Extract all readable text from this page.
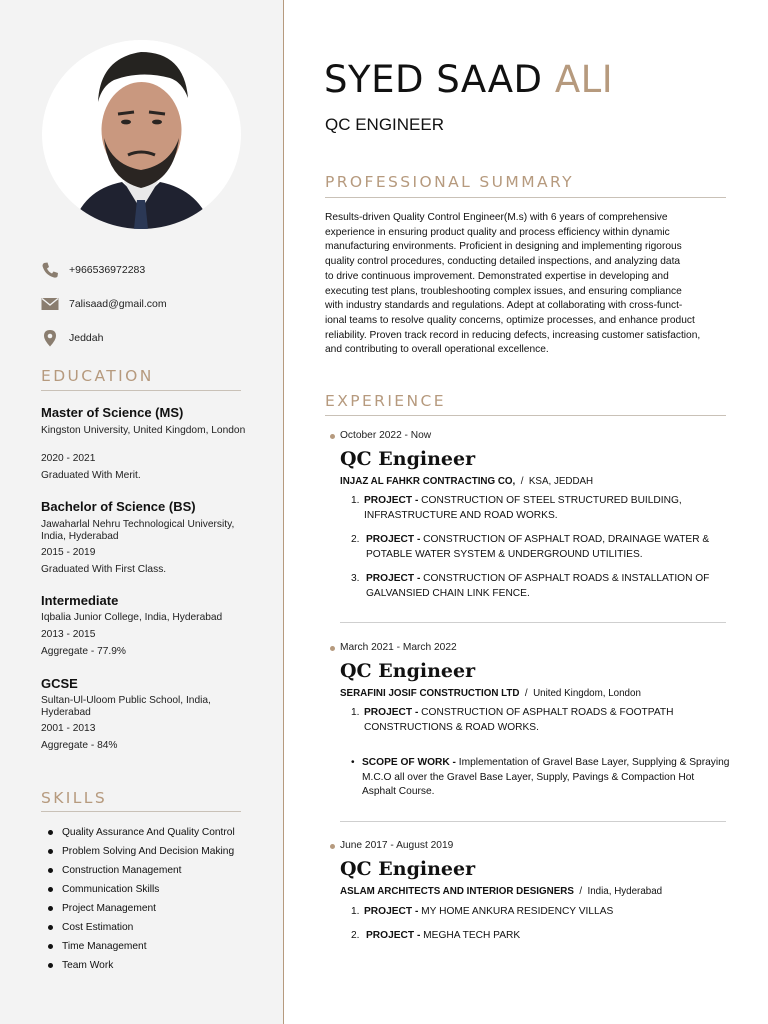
+966536972283
7alisaad@gmail.com
Jeddah
EDUCATION
Master of Science (MS)
Kingston University, United Kingdom, London
2020 - 2021
Graduated With Merit.
Bachelor of Science (BS)
Jawaharlal Nehru Technological University, India, Hyderabad
2015 - 2019
Graduated With First Class.
Intermediate
Iqbalia Junior College, India, Hyderabad
2013 - 2015
Aggregate - 77.9%
GCSE
Sultan-Ul-Uloom Public School, India, Hyderabad
2001 - 2013
Aggregate - 84%
SKILLS
Quality Assurance And Quality Control
Problem Solving And Decision Making
Construction Management
Communication Skills
Project Management
Cost Estimation
Time Management
Team Work
SYED SAAD ALI
QC ENGINEER
PROFESSIONAL SUMMARY
Results-driven Quality Control Engineer(M.s) with 6 years of comprehensive
experience in ensuring product quality and process efficiency within dynamic
manufacturing environments. Proficient in designing and implementing rigorous
quality control procedures, conducting detailed inspections, and analyzing data
to drive continuous improvement. Demonstrated expertise in developing and
executing test plans, troubleshooting complex issues, and ensuring compliance
with industry standards and regulations. Adept at collaborating with cross-funct-
ional teams to resolve quality concerns, optimize processes, and enhance product
reliability. Proven track record in reducing defects, increasing customer satisfaction,
and contributing to overall operational excellence.
EXPERIENCE
October 2022 - Now
QC Engineer
INJAZ AL FAHKR CONTRACTING CO,  /  KSA, JEDDAH
1. PROJECT - CONSTRUCTION OF STEEL STRUCTURED BUILDING,
INFRASTRUCTURE AND ROAD WORKS.
2. PROJECT - CONSTRUCTION OF ASPHALT ROAD, DRAINAGE WATER &
POTABLE WATER SYSTEM & UNDERGROUND UTILITIES.
3. PROJECT - CONSTRUCTION OF ASPHALT ROADS & INSTALLATION OF
GALVANSIED CHAIN LINK FENCE.
March 2021 - March 2022
QC Engineer
SERAFINI JOSIF CONSTRUCTION LTD  /  United Kingdom, London
1. PROJECT - CONSTRUCTION OF ASPHALT ROADS & FOOTPATH
CONSTRUCTIONS & ROAD WORKS.
• SCOPE OF WORK - Implementation of Gravel Base Layer, Supplying & Spraying
M.C.O all over the Gravel Base Layer, Supply, Pavings & Compaction Hot
Asphalt Course.
June 2017 - August 2019
QC Engineer
ASLAM ARCHITECTS AND INTERIOR DESIGNERS  /  India, Hyderabad
1. PROJECT - MY HOME ANKURA RESIDENCY VILLAS
2. PROJECT - MEGHA TECH PARK
